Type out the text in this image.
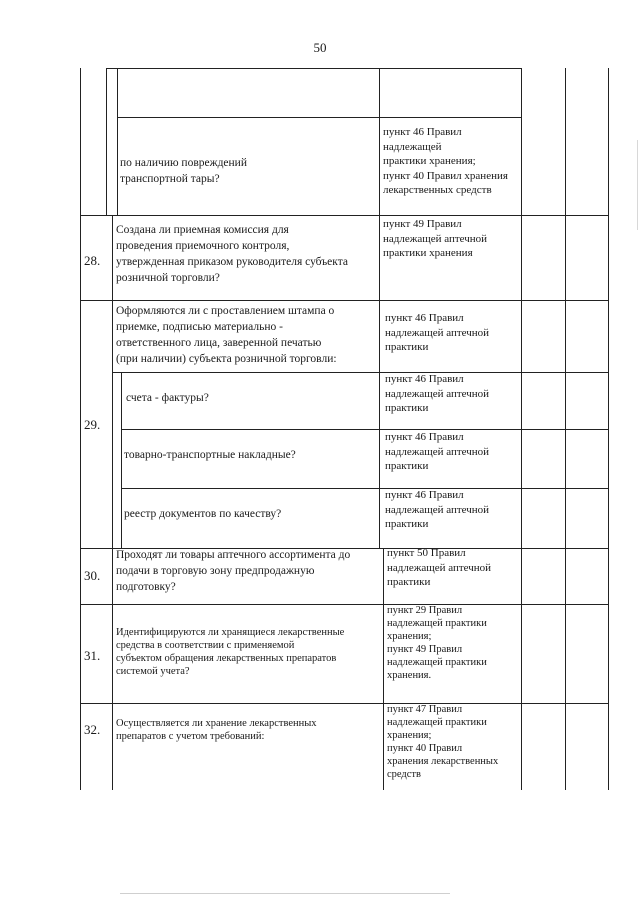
50
по наличию повреждений
транспортной тары?
пункт 46 Правил
надлежащей
практики хранения;
пункт 40 Правил хранения
лекарственных средств
28.
Создана ли приемная комиссия для
проведения приемочного контроля,
утвержденная приказом руководителя субъекта
розничной торговли?
пункт 49 Правил
надлежащей аптечной
практики хранения
29.
Оформляются ли с проставлением штампа о
приемке, подписью материально -
ответственного лица, заверенной печатью
(при наличии) субъекта розничной торговли:
пункт 46 Правил
надлежащей аптечной
практики
счета - фактуры?
пункт 46 Правил
надлежащей аптечной
практики
товарно-транспортные накладные?
пункт 46 Правил
надлежащей аптечной
практики
реестр документов по качеству?
пункт 46 Правил
надлежащей аптечной
практики
30.
Проходят ли товары аптечного ассортимента до
подачи в торговую зону предпродажную
подготовку?
пункт 50 Правил
надлежащей аптечной
практики
31.
Идентифицируются ли хранящиеся лекарственные
средства в соответствии с применяемой
субъектом обращения лекарственных препаратов
системой учета?
пункт 29 Правил
надлежащей практики
хранения;
пункт 49 Правил
надлежащей практики
хранения.
32.	Осуществляется ли хранение лекарственных
препаратов с учетом требований:
пункт 47 Правил
надлежащей практики
хранения;
пункт 40 Правил
хранения лекарственных
средств
